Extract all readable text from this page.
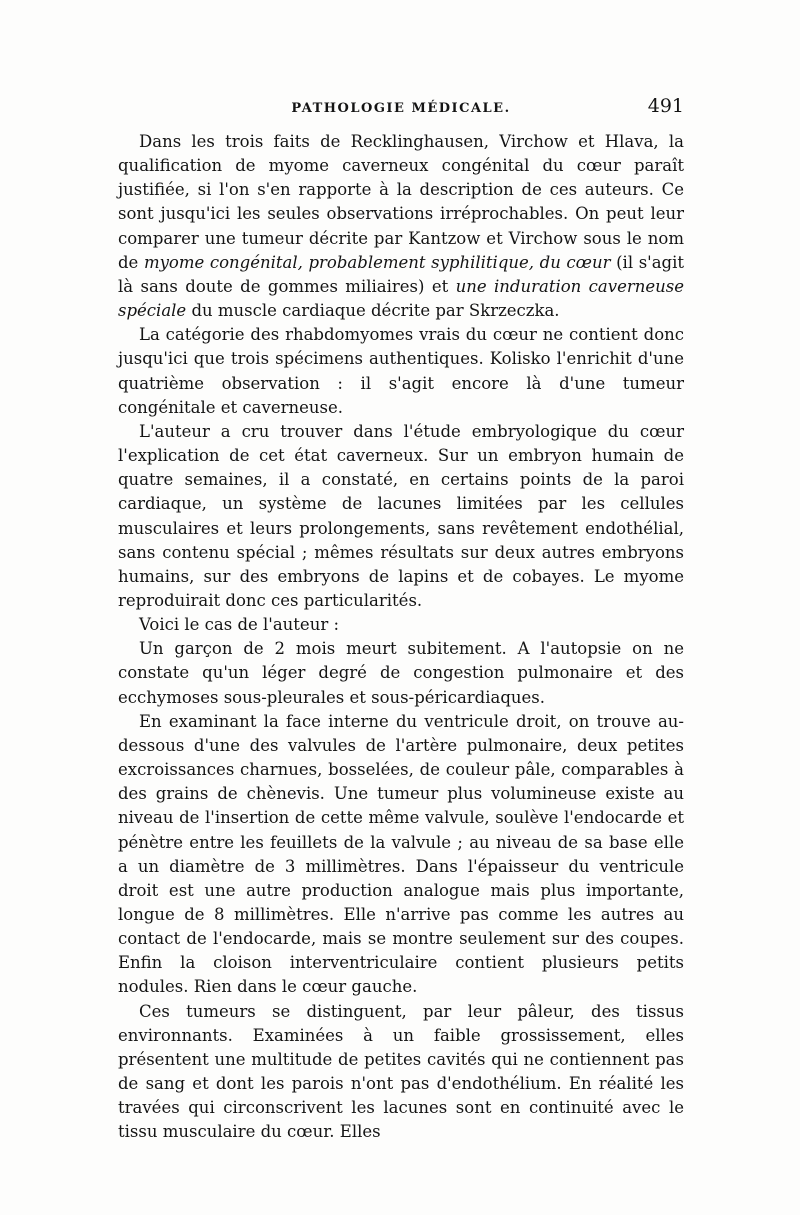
PATHOLOGIE MÉDICALE.	491

Dans les trois faits de Recklinghausen, Virchow et Hlava, la qualification de myome caverneux congénital du cœur paraît justifiée, si l'on s'en rapporte à la description de ces auteurs. Ce sont jusqu'ici les seules observations irréprochables. On peut leur comparer une tumeur décrite par Kantzow et Virchow sous le nom de myome congénital, probablement syphilitique, du cœur (il s'agit là sans doute de gommes miliaires) et une induration caverneuse spéciale du muscle cardiaque décrite par Skrzeczka.

La catégorie des rhabdomyomes vrais du cœur ne contient donc jusqu'ici que trois spécimens authentiques. Kolisko l'enrichit d'une quatrième observation : il s'agit encore là d'une tumeur congénitale et caverneuse.

L'auteur a cru trouver dans l'étude embryologique du cœur l'explication de cet état caverneux. Sur un embryon humain de quatre semaines, il a constaté, en certains points de la paroi cardiaque, un système de lacunes limitées par les cellules musculaires et leurs prolongements, sans revêtement endothélial, sans contenu spécial ; mêmes résultats sur deux autres embryons humains, sur des embryons de lapins et de cobayes. Le myome reproduirait donc ces particularités.

Voici le cas de l'auteur :

Un garçon de 2 mois meurt subitement. A l'autopsie on ne constate qu'un léger degré de congestion pulmonaire et des ecchymoses sous-pleurales et sous-péricardiaques.

En examinant la face interne du ventricule droit, on trouve au-dessous d'une des valvules de l'artère pulmonaire, deux petites excroissances charnues, bosselées, de couleur pâle, comparables à des grains de chènevis. Une tumeur plus volumineuse existe au niveau de l'insertion de cette même valvule, soulève l'endocarde et pénètre entre les feuillets de la valvule ; au niveau de sa base elle a un diamètre de 3 millimètres. Dans l'épaisseur du ventricule droit est une autre production analogue mais plus importante, longue de 8 millimètres. Elle n'arrive pas comme les autres au contact de l'endocarde, mais se montre seulement sur des coupes. Enfin la cloison interventriculaire contient plusieurs petits nodules. Rien dans le cœur gauche.

Ces tumeurs se distinguent, par leur pâleur, des tissus environnants. Examinées à un faible grossissement, elles présentent une multitude de petites cavités qui ne contiennent pas de sang et dont les parois n'ont pas d'endothélium. En réalité les travées qui circonscrivent les lacunes sont en continuité avec le tissu musculaire du cœur. Elles
